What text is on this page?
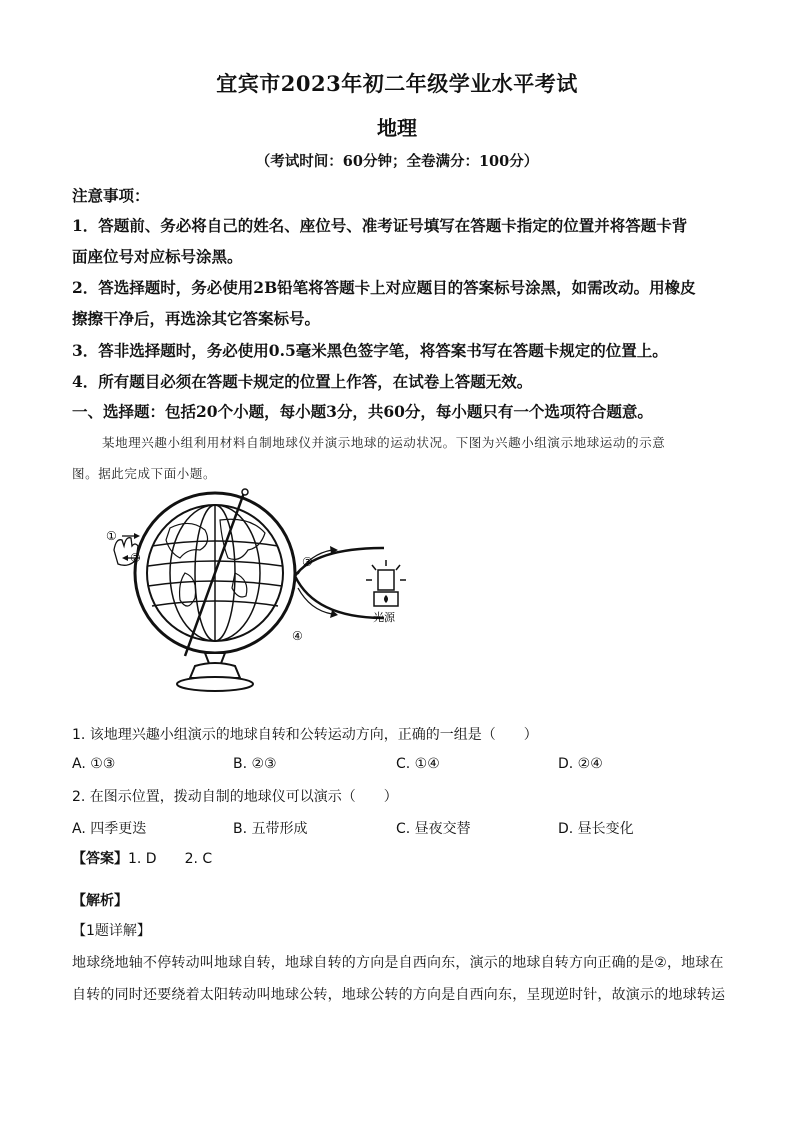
宜宾市2023年初二年级学业水平考试
地理
（考试时间：60分钟；全卷满分：100分）
注意事项：
1．答题前、务必将自己的姓名、座位号、准考证号填写在答题卡指定的位置并将答题卡背
面座位号对应标号涂黑。
2．答选择题时，务必使用2B铅笔将答题卡上对应题目的答案标号涂黑，如需改动。用橡皮
擦擦干净后，再选涂其它答案标号。
3．答非选择题时，务必使用0.5毫米黑色签字笔，将答案书写在答题卡规定的位置上。
4．所有题目必须在答题卡规定的位置上作答，在试卷上答题无效。
一、选择题：包括20个小题，每小题3分，共60分，每小题只有一个选项符合题意。
某地理兴趣小组利用材料自制地球仪并演示地球的运动状况。下图为兴趣小组演示地球运动的示意
图。据此完成下面小题。
①
②	③
④
光源
1. 该地理兴趣小组演示的地球自转和公转运动方向，正确的一组是（　　）
A. ①③	B. ②③	C. ①④	D. ②④
2. 在图示位置，拨动自制的地球仪可以演示（　　）
A. 四季更迭	B. 五带形成	C. 昼夜交替	D. 昼长变化
【答案】1. D　　2. C
【解析】
【1题详解】
地球绕地轴不停转动叫地球自转，地球自转的方向是自西向东，演示的地球自转方向正确的是②，地球在
自转的同时还要绕着太阳转动叫地球公转，地球公转的方向是自西向东，呈现逆时针，故演示的地球转运
